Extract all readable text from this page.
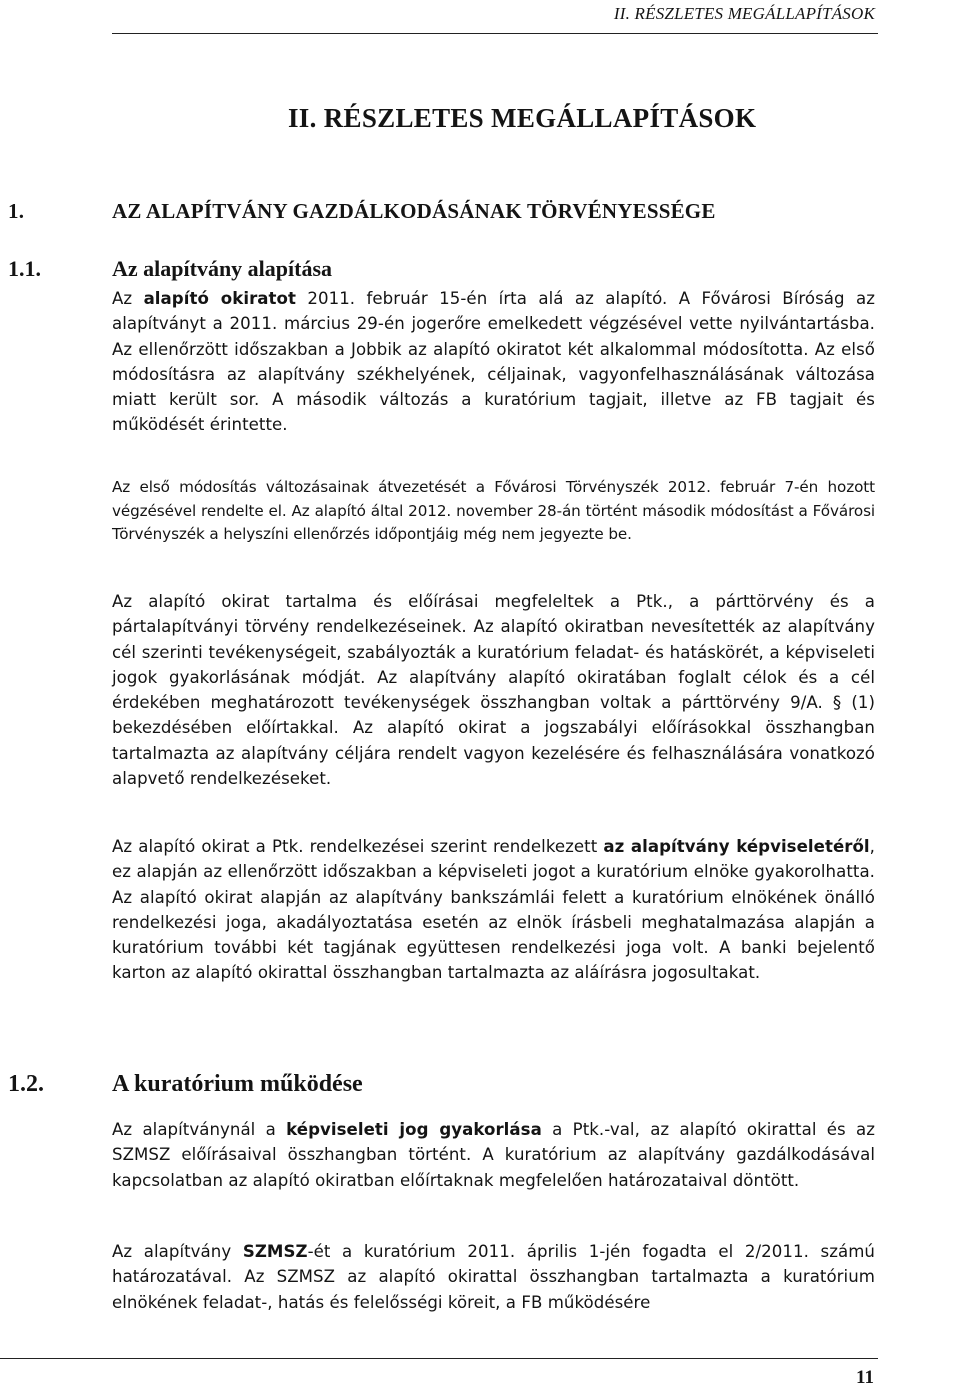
II. RÉSZLETES MEGÁLLAPÍTÁSOK
II. RÉSZLETES MEGÁLLAPÍTÁSOK
1.	AZ ALAPÍTVÁNY GAZDÁLKODÁSÁNAK TÖRVÉNYESSÉGE
1.1.	Az alapítvány alapítása

Az alapító okiratot 2011. február 15-én írta alá az alapító. A Fővárosi Bíróság az alapítványt a 2011. március 29-én jogerőre emelkedett végzésével vette nyilvántartásba. Az ellenőrzött időszakban a Jobbik az alapító okiratot két alkalommal módosította. Az első módosításra az alapítvány székhelyének, céljainak, vagyonfelhasználásának változása miatt került sor. A második változás a kuratórium tagjait, illetve az FB tagjait és működését érintette.

Az első módosítás változásainak átvezetését a Fővárosi Törvényszék 2012. február 7-én hozott végzésével rendelte el. Az alapító által 2012. november 28-án történt második módosítást a Fővárosi Törvényszék a helyszíni ellenőrzés időpontjáig még nem jegyezte be.

Az alapító okirat tartalma és előírásai megfeleltek a Ptk., a párttörvény és a pártalapítványi törvény rendelkezéseinek. Az alapító okiratban nevesítették az alapítvány cél szerinti tevékenységeit, szabályozták a kuratórium feladat- és hatáskörét, a képviseleti jogok gyakorlásának módját. Az alapítvány alapító okiratában foglalt célok és a cél érdekében meghatározott tevékenységek összhangban voltak a párttörvény 9/A. § (1) bekezdésében előírtakkal. Az alapító okirat a jogszabályi előírásokkal összhangban tartalmazta az alapítvány céljára rendelt vagyon kezelésére és felhasználására vonatkozó alapvető rendelkezéseket.

Az alapító okirat a Ptk. rendelkezései szerint rendelkezett az alapítvány képviseletéről, ez alapján az ellenőrzött időszakban a képviseleti jogot a kuratórium elnöke gyakorolhatta. Az alapító okirat alapján az alapítvány bankszámlái felett a kuratórium elnökének önálló rendelkezési joga, akadályoztatása esetén az elnök írásbeli meghatalmazása alapján a kuratórium további két tagjának együttesen rendelkezési joga volt. A banki bejelentő karton az alapító okirattal összhangban tartalmazta az aláírásra jogosultakat.

1.2.	A kuratórium működése

Az alapítványnál a képviseleti jog gyakorlása a Ptk.-val, az alapító okirattal és az SZMSZ előírásaival összhangban történt. A kuratórium az alapítvány gazdálkodásával kapcsolatban az alapító okiratban előírtaknak megfelelően határozataival döntött.

Az alapítvány SZMSZ-ét a kuratórium 2011. április 1-jén fogadta el 2/2011. számú határozatával. Az SZMSZ az alapító okirattal összhangban tartalmazta a kuratórium elnökének feladat-, hatás és felelősségi köreit, a FB működésére

11
